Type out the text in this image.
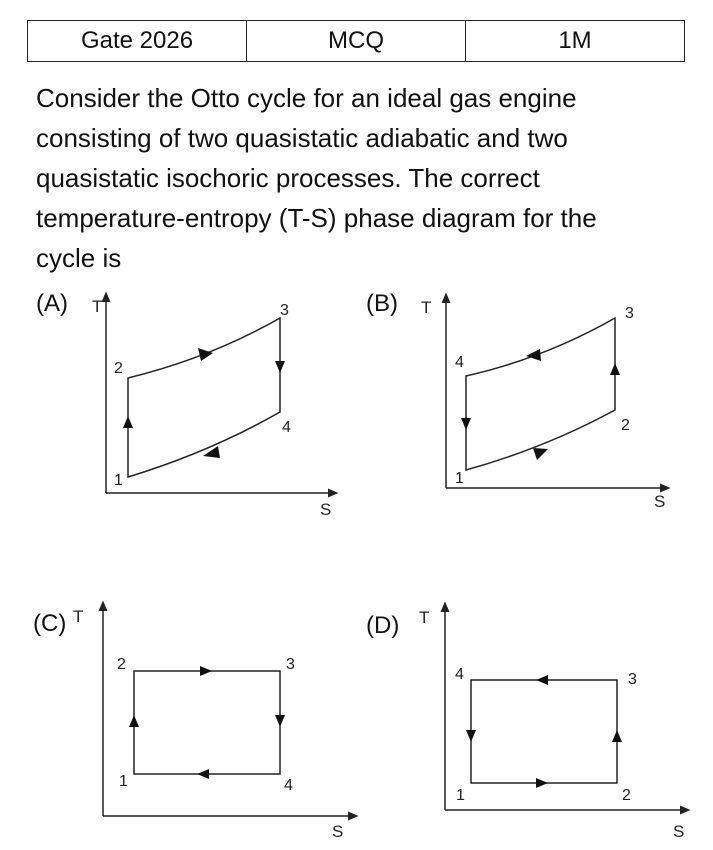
Gate 2026	MCQ	1M
Consider the Otto cycle for an ideal gas engine
consisting of two quasistatic adiabatic and two
quasistatic isochoric processes. The correct
temperature-entropy (T-S) phase diagram for the
cycle is
(A)	(B)
(C)	(D)
T
S
1
2
3
4
T
S
1
2
3
4
T
S
1
2	3
4
T
S
1	2
3
4
